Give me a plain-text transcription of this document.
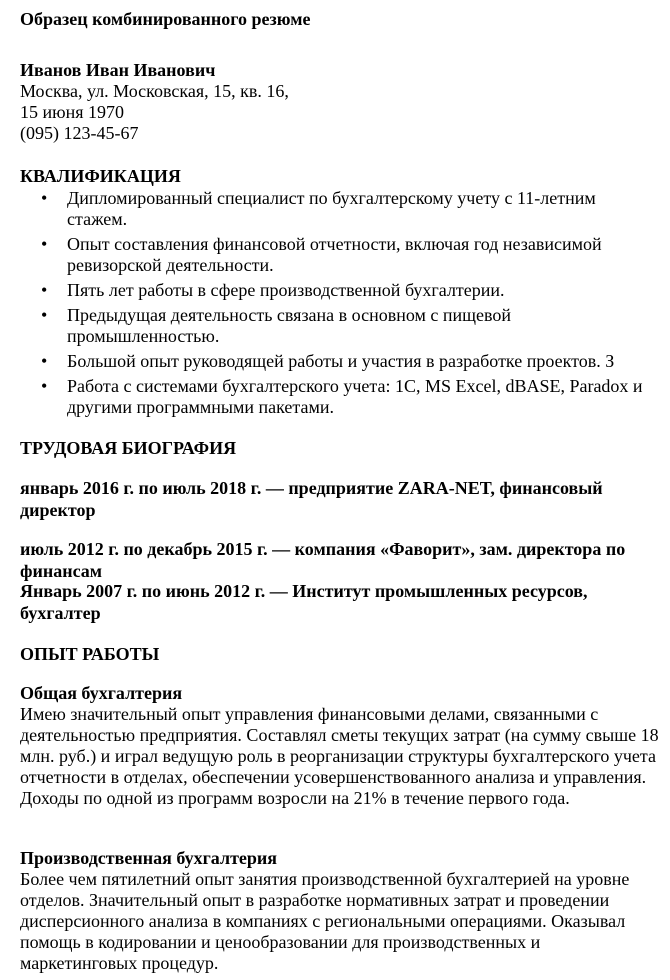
Образец комбинированного резюме
Иванов Иван Иванович
Москва, ул. Московская, 15, кв. 16,
15 июня 1970
(095) 123-45-67
КВАЛИФИКАЦИЯ
• Дипломированный специалист по бухгалтерскому учету с 11-летним стажем.
• Опыт составления финансовой отчетности, включая год независимой ревизорской деятельности.
• Пять лет работы в сфере производственной бухгалтерии.
• Предыдущая деятельность связана в основном с пищевой промышленностью.
• Большой опыт руководящей работы и участия в разработке проектов. З
• Работа с системами бухгалтерского учета: 1С, MS Excel, dBASE, Paradox и другими программными пакетами.
ТРУДОВАЯ БИОГРАФИЯ
январь 2016 г. по июль 2018 г. — предприятие ZARA-NET, финансовый директор
июль 2012 г. по декабрь 2015 г. — компания «Фаворит», зам. директора по финансам
Январь 2007 г. по июнь 2012 г. — Институт промышленных ресурсов, бухгалтер
ОПЫТ РАБОТЫ
Общая бухгалтерия
Имею значительный опыт управления финансовыми делами, связанными с деятельностью предприятия. Составлял сметы текущих затрат (на сумму свыше 18 млн. руб.) и играл ведущую роль в реорганизации структуры бухгалтерского учета отчетности в отделах, обеспечении усовершенствованного анализа и управления. Доходы по одной из программ возросли на 21% в течение первого года.
Производственная бухгалтерия
Более чем пятилетний опыт занятия производственной бухгалтерией на уровне отделов. Значительный опыт в разработке нормативных затрат и проведении дисперсионного анализа в компаниях с региональными операциями. Оказывал помощь в кодировании и ценообразовании для производственных и маркетинговых процедур.
